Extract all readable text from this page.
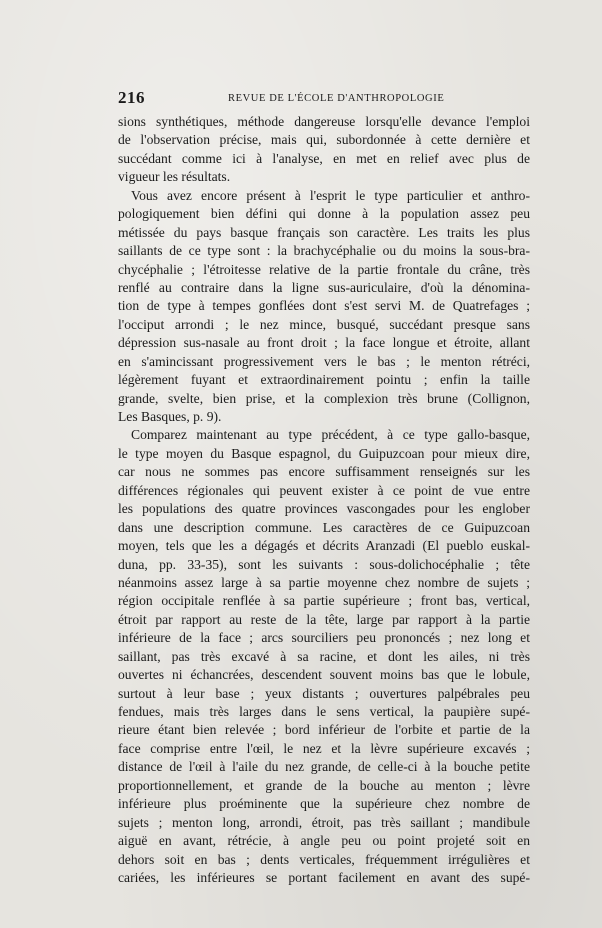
216	REVUE DE L'ÉCOLE D'ANTHROPOLOGIE
sions synthétiques, méthode dangereuse lorsqu'elle devance l'emploi
de l'observation précise, mais qui, subordonnée à cette dernière et
succédant comme ici à l'analyse, en met en relief avec plus de
vigueur les résultats.
Vous avez encore présent à l'esprit le type particulier et anthro-
pologiquement bien défini qui donne à la population assez peu
métissée du pays basque français son caractère. Les traits les plus
saillants de ce type sont : la brachycéphalie ou du moins la sous-bra-
chycéphalie ; l'étroitesse relative de la partie frontale du crâne, très
renflé au contraire dans la ligne sus-auriculaire, d'où la dénomina-
tion de type à tempes gonflées dont s'est servi M. de Quatrefages ;
l'occiput arrondi ; le nez mince, busqué, succédant presque sans
dépression sus-nasale au front droit ; la face longue et étroite, allant
en s'amincissant progressivement vers le bas ; le menton rétréci,
légèrement fuyant et extraordinairement pointu ; enfin la taille
grande, svelte, bien prise, et la complexion très brune (Collignon,
Les Basques, p. 9).
Comparez maintenant au type précédent, à ce type gallo-basque,
le type moyen du Basque espagnol, du Guipuzcoan pour mieux dire,
car nous ne sommes pas encore suffisamment renseignés sur les
différences régionales qui peuvent exister à ce point de vue entre
les populations des quatre provinces vascongades pour les englober
dans une description commune. Les caractères de ce Guipuzcoan
moyen, tels que les a dégagés et décrits Aranzadi (El pueblo euskal-
duna, pp. 33-35), sont les suivants : sous-dolichocéphalie ; tête
néanmoins assez large à sa partie moyenne chez nombre de sujets ;
région occipitale renflée à sa partie supérieure ; front bas, vertical,
étroit par rapport au reste de la tête, large par rapport à la partie
inférieure de la face ; arcs sourciliers peu prononcés ; nez long et
saillant, pas très excavé à sa racine, et dont les ailes, ni très
ouvertes ni échancrées, descendent souvent moins bas que le lobule,
surtout à leur base ; yeux distants ; ouvertures palpébrales peu
fendues, mais très larges dans le sens vertical, la paupière supé-
rieure étant bien relevée ; bord inférieur de l'orbite et partie de la
face comprise entre l'œil, le nez et la lèvre supérieure excavés ;
distance de l'œil à l'aile du nez grande, de celle-ci à la bouche petite
proportionnellement, et grande de la bouche au menton ; lèvre
inférieure plus proéminente que la supérieure chez nombre de
sujets ; menton long, arrondi, étroit, pas très saillant ; mandibule
aiguë en avant, rétrécie, à angle peu ou point projeté soit en
dehors soit en bas ; dents verticales, fréquemment irrégulières et
cariées, les inférieures se portant facilement en avant des supé-
